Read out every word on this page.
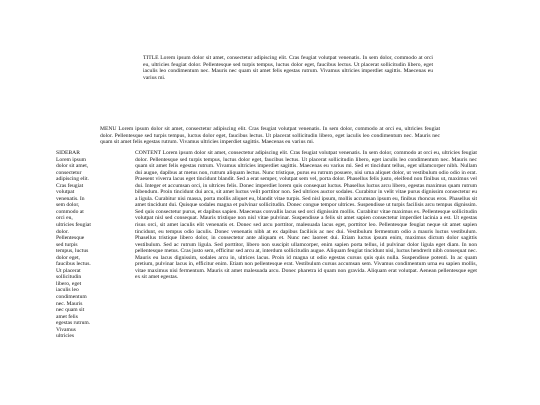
TITLE Lorem ipsum dolor sit amet, consectetur adipiscing elit. Cras feugiat volutpat venenatis. In sem dolor, commodo at orci eu, ultricies feugiat dolor. Pellentesque sed turpis tempus, luctus dolor eget, faucibus lectus. Ut placerat sollicitudin libero, eget iaculis leo condimentum nec. Mauris nec quam sit amet felis egestas rutrum. Vivamus ultricies imperdiet sagittis. Maecenas eu varius mi.

MENU Lorem ipsum dolor sit amet, consectetur adipiscing elit. Cras feugiat volutpat venenatis. In sem dolor, commodo at orci eu, ultricies feugiat dolor. Pellentesque sed turpis tempus, luctus dolor eget, faucibus lectus. Ut placerat sollicitudin libero, eget iaculis leo condimentum nec. Mauris nec quam sit amet felis egestas rutrum. Vivamus ultricies imperdiet sagittis. Maecenas eu varius mi.

SIDEBAR Lorem ipsum dolor sit amet, consectetur adipiscing elit. Cras feugiat volutpat venenatis. In sem dolor, commodo at orci eu, ultricies feugiat dolor. Pellentesque sed turpis tempus, luctus dolor eget, faucibus lectus. Ut placerat sollicitudin libero, eget iaculis leo condimentum nec. Mauris nec quam sit amet felis egestas rutrum. Vivamus ultricies

CONTENT Lorem ipsum dolor sit amet, consectetur adipiscing elit. Cras feugiat volutpat venenatis. In sem dolor, commodo at orci eu, ultricies feugiat dolor. Pellentesque sed turpis tempus, luctus dolor eget, faucibus lectus. Ut placerat sollicitudin libero, eget iaculis leo condimentum nec. Mauris nec quam sit amet felis egestas rutrum. Vivamus ultricies imperdiet sagittis. Maecenas eu varius mi. Sed et tincidunt tellus, eget ullamcorper nibh. Nullam dui augue, dapibus at metus non, rutrum aliquam lectus. Nunc tristique, purus eu rutrum posuere, nisi urna aliquet dolor, ut vestibulum odio odio in erat. Praesent viverra lacus eget tincidunt blandit. Sed a erat semper, volutpat sem vel, porta dolor. Phasellus felis justo, eleifend non finibus ut, maximus vel dui. Integer et accumsan orci, in ultrices felis. Donec imperdiet lorem quis consequat luctus. Phasellus luctus arcu libero, egestas maximus quam rutrum bibendum. Proin tincidunt dui arcu, sit amet luctus velit porttitor non. Sed ultrices auctor sodales. Curabitur in velit vitae purus dignissim consectetur eu a ligula. Curabitur nisi massa, porta mollis aliquet eu, blandit vitae turpis. Sed nisl ipsum, mollis accumsan ipsum eu, finibus rhoncus eros. Phasellus sit amet tincidunt dui. Quisque sodales magna et pulvinar sollicitudin. Donec congue tempor ultrices. Suspendisse ut turpis facilisis arcu tempus dignissim. Sed quis consectetur purus, et dapibus sapien. Maecenas convallis lacus sed orci dignissim mollis. Curabitur vitae maximus ex. Pellentesque sollicitudin volutpat nisl sed consequat. Mauris tristique non nisl vitae pulvinar. Suspendisse a felis sit amet sapien consectetur imperdiet lacinia a est. Ut egestas risus orci, sit amet iaculis elit venenatis et. Donec sed arcu porttitor, malesuada lacus eget, porttitor leo. Pellentesque feugiat neque sit amet sapien tincidunt, eu tempus odio iaculis. Donec venenatis nibh at ex dapibus facilisis ac nec dui. Vestibulum fermentum odio a mauris luctus vestibulum. Phasellus tristique libero dolor, in consectetur ante aliquam et. Nunc nec laoreet dui. Etiam luctus ipsum enim, maximus dictum dolor sagittis vestibulum. Sed ac rutrum ligula. Sed porttitor, libero non suscipit ullamcorper, enim sapien porta tellus, id pulvinar dolor ligula eget diam. In non pellentesque metus. Cras justo sem, efficitur sed arcu at, interdum sollicitudin augue. Aliquam feugiat tincidunt nisi, luctus hendrerit nibh consequat nec. Mauris eu lacus dignissim, sodales arcu in, ultrices lacus. Proin id magna ut odio egestas cursus quis quis nulla. Suspendisse potenti. In ac quam pretium, pulvinar lacus in, efficitur enim. Etiam non pellentesque erat. Vestibulum cursus accumsan sem. Vivamus condimentum urna eu sapien mollis, vitae maximus nisi fermentum. Mauris sit amet malesuada arcu. Donec pharetra id quam non gravida. Aliquam erat volutpat. Aenean pellentesque eget ex sit amet egestas.
